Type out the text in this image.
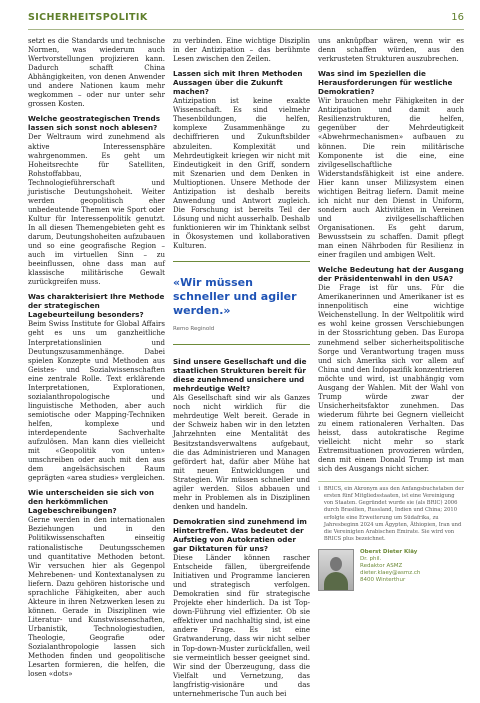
SICHERHEITSPOLITIK	16

setzt es die Standards und technische Normen, was wiederum auch Wertvorstellungen projizieren kann. Dadurch schafft China Abhängigkeiten, von denen Anwender und andere Nationen kaum mehr wegkommen – oder nur unter sehr grossen Kosten.

Welche geostrategischen Trends lassen sich sonst noch ablesen?

Der Weltraum wird zunehmend als aktive Interessensphäre wahrgenommen. Es geht um Hoheitsrechte für Satelliten, Rohstoffabbau, Technologieführerschaft und juristische Deutungshoheit. Weiter werden geopolitisch eher unbedeutende Themen wie Sport oder Kultur für Interessenpolitik genutzt. In all diesen Themengebieten geht es darum, Deutungshoheiten aufzubauen und so eine geografische Region – auch im virtuellen Sinn – zu beeinflussen, ohne dass man auf klassische militärische Gewalt zurückgreifen muss.

Was charakterisiert Ihre Methode der strategischen Lagebeurteilung besonders?

Beim Swiss Institute for Global Affairs geht es uns um ganzheitliche Interpretationslinien und Deutungszusammenhänge. Dabei spielen Konzepte und Methoden aus Geistes- und Sozialwissenschaften eine zentrale Rolle. Text erklärende Interpretationen, Explorationen, sozialanthropologische und linguistische Methoden, aber auch semiotische oder Mapping-Techniken helfen, komplexe und interdependente Sachverhalte aufzulösen. Man kann dies vielleicht mit «Geopolitik von unten» umschreiben oder auch mit den aus dem angelsächsischen Raum geprägten «area studies» vergleichen.

Wie unterscheiden sie sich von den herkömmlichen Lagebeschreibungen?

Gerne werden in den internationalen Beziehungen und in den Politikwissenschaften einseitig rationalistische Deutungsschemen und quantitative Methoden betont. Wir versuchen hier als Gegenpol Mehrebenen- und Kontextanalysen zu liefern. Dazu gehören historische und sprachliche Fähigkeiten, aber auch Akteure in ihren Netzwerken lesen zu können. Gerade in Disziplinen wie Literatur- und Kunstwissenschaften, Urbanistik, Technologiestudien, Theologie, Geografie oder Sozialanthropologie lassen sich Methoden finden und geopolitische Lesarten formieren, die helfen, die losen «dots»

zu verbinden. Eine wichtige Disziplin in der Antizipation – das berühmte Lesen zwischen den Zeilen.

Lassen sich mit Ihren Methoden Aussagen über die Zukunft machen?

Antizipation ist keine exakte Wissenschaft. Es sind vielmehr Thesenbildungen, die helfen, komplexe Zusammenhänge zu dechiffrieren und Zukunftsbilder abzuleiten. Komplexität und Mehrdeutigkeit kriegen wir nicht mit Eindeutigkeit in den Griff, sondern mit Szenarien und dem Denken in Multioptionen. Unsere Methode der Antizipation ist deshalb bereits Anwendung und Antwort zugleich. Die Forschung ist bereits Teil der Lösung und nicht ausserhalb. Deshalb funktionieren wir im Thinktank selbst in Ökosystemen und kollaborativen Kulturen.

«Wir müssen schneller und agiler werden.»
Remo Reginold
Sind unsere Gesellschaft und die staatlichen Strukturen bereit für diese zunehmend unsichere und mehrdeutige Welt?

Als Gesellschaft sind wir als Ganzes noch nicht wirklich für die mehrdeutige Welt bereit. Gerade in der Schweiz haben wir in den letzten Jahrzehnten eine Mentalität des Besitzstandsverwaltens aufgebaut, die das Administrieren und Managen gefördert hat, dafür aber Mühe hat mit neuen Entwicklungen und Strategien. Wir müssen schneller und agiler werden. Silos abbauen und mehr in Problemen als in Disziplinen denken und handeln.

Demokratien sind zunehmend im Hintertreffen. Was bedeutet der Aufstieg von Autokratien oder gar Diktaturen für uns?

Diese Länder können rascher Entscheide fällen, übergreifende Initiativen und Programme lancieren und strategisch verfolgen. Demokratien sind für strategische Projekte eher hinderlich. Da ist Top-down-Führung viel effizienter. Ob sie effektiver und nachhaltig sind, ist eine andere Frage. Es ist eine Gratwanderung, dass wir nicht selber in Top-down-Muster zurückfallen, weil sie vermeintlich besser geeignet sind. Wir sind der Überzeugung, dass die Vielfalt und Vernetzung, das langfristig-visionäre und das unternehmerische Tun auch bei

uns anknüpfbar wären, wenn wir es denn schaffen würden, aus den verkrusteten Strukturen auszubrechen.

Was sind im Speziellen die Herausforderungen für westliche Demokratien?

Wir brauchen mehr Fähigkeiten in der Antizipation und damit auch Resilienzstrukturen, die helfen, gegenüber der Mehrdeutigkeit «Abwehrmechanismen» aufbauen zu können. Die rein militärische Komponente ist die eine, eine zivilgesellschaftliche Widerstandsfähigkeit ist eine andere. Hier kann unser Milizsystem einen wichtigen Beitrag liefern. Damit meine ich nicht nur den Dienst in Uniform, sondern auch Aktivitäten in Vereinen und zivilgesellschaftlichen Organisationen. Es geht darum, Bewusstsein zu schaffen. Damit pflegt man einen Nährboden für Resilienz in einer fragilen und ambigen Welt.

Welche Bedeutung hat der Ausgang der Präsidentenwahl in den USA?

Die Frage ist für uns. Für die Amerikanerinnen und Amerikaner ist es innenpolitisch eine wichtige Weichenstellung. In der Weltpolitik wird es wohl keine grossen Verschiebungen in der Stossrichtung geben. Das Europa zunehmend selber sicherheitspolitische Sorge und Verantwortung tragen muss und sich Amerika sich vor allem auf China und den Indopazifik konzentrieren möchte und wird, ist unabhängig vom Ausgang der Wahlen. Mit der Wahl von Trump würde zwar der Unsicherheitsfaktor zunehmen. Das wiederum führte bei Gegnern vielleicht zu einem rationaleren Verhalten. Das heisst, dass autokratische Regime vielleicht nicht mehr so stark Extremsituationen provozieren würden, denn mit einem Donald Trump ist man sich des Ausgangs nicht sicher.

1 BRICS, ein Akronym aus den Anfangsbuchstaben der ersten fünf Mitgliedsstaaten, ist eine Vereinigung von Staaten. Gegründet wurde sie (als BRIC) 2006 durch Brasilien, Russland, Indien und China; 2010 erfolgte eine Erweiterung um Südafrika, zu Jahresbeginn 2024 um Ägypten, Äthiopien, Iran und die Vereinigten Arabischen Emirate. Sie wird von BRICS plus bezeichnet.
Oberst Dieter Kläy
Dr. phil.
Redaktor ASMZ
dieter.klaey@asmz.ch
8400 Winterthur
